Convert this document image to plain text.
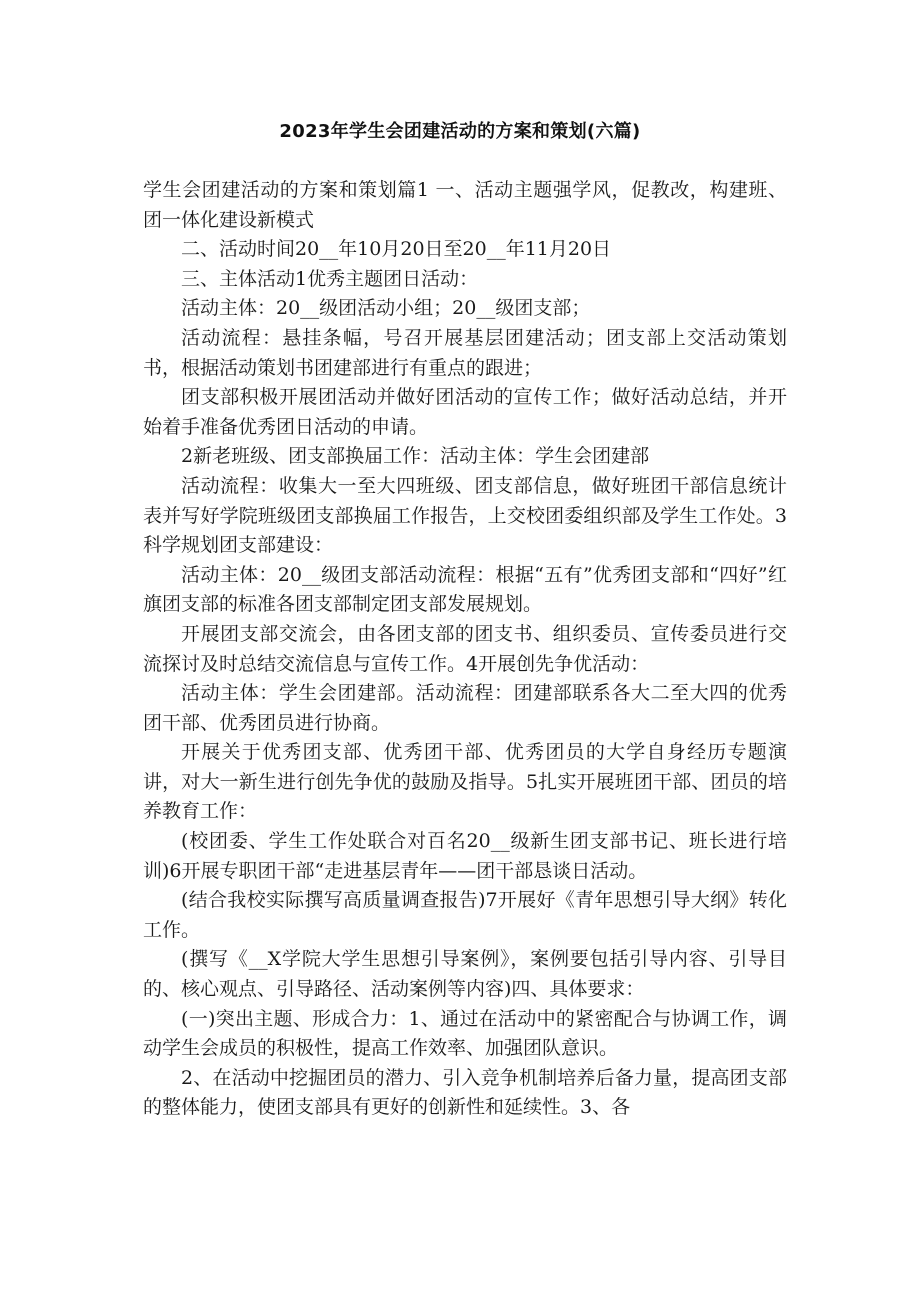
2023年学生会团建活动的方案和策划(六篇)

学生会团建活动的方案和策划篇1 一、活动主题强学风，促教改，构建班、团一体化建设新模式

二、活动时间20__年10月20日至20__年11月20日

三、主体活动1优秀主题团日活动：

活动主体：20__级团活动小组；20__级团支部；

活动流程：悬挂条幅，号召开展基层团建活动；团支部上交活动策划书，根据活动策划书团建部进行有重点的跟进；

团支部积极开展团活动并做好团活动的宣传工作；做好活动总结，并开始着手准备优秀团日活动的申请。

2新老班级、团支部换届工作：活动主体：学生会团建部

活动流程：收集大一至大四班级、团支部信息，做好班团干部信息统计表并写好学院班级团支部换届工作报告，上交校团委组织部及学生工作处。3科学规划团支部建设：

活动主体：20__级团支部活动流程：根据“五有”优秀团支部和“四好”红旗团支部的标准各团支部制定团支部发展规划。

开展团支部交流会，由各团支部的团支书、组织委员、宣传委员进行交流探讨及时总结交流信息与宣传工作。4开展创先争优活动：

活动主体：学生会团建部。活动流程：团建部联系各大二至大四的优秀团干部、优秀团员进行协商。

开展关于优秀团支部、优秀团干部、优秀团员的大学自身经历专题演讲，对大一新生进行创先争优的鼓励及指导。5扎实开展班团干部、团员的培养教育工作：

(校团委、学生工作处联合对百名20__级新生团支部书记、班长进行培训)6开展专职团干部“走进基层青年——团干部恳谈日活动。

(结合我校实际撰写高质量调查报告)7开展好《青年思想引导大纲》转化工作。

(撰写《__X学院大学生思想引导案例》，案例要包括引导内容、引导目的、核心观点、引导路径、活动案例等内容)四、具体要求：

(一)突出主题、形成合力：1、通过在活动中的紧密配合与协调工作，调动学生会成员的积极性，提高工作效率、加强团队意识。

2、在活动中挖掘团员的潜力、引入竞争机制培养后备力量，提高团支部的整体能力，使团支部具有更好的创新性和延续性。3、各
